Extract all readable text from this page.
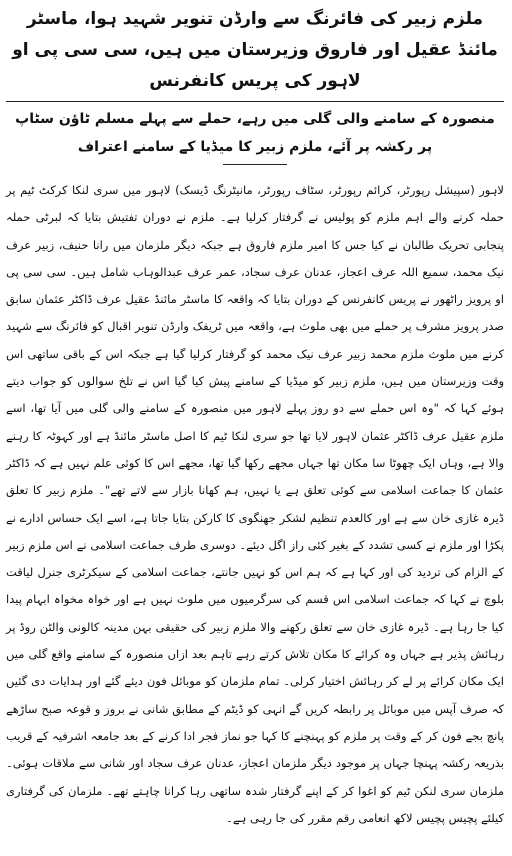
ملزم زبیر کی فائرنگ سے وارڈن تنویر شہید ہوا، ماسٹر مائنڈ عقیل اور فاروق وزیرستان میں ہیں، سی سی پی او لاہور کی پریس کانفرنس
منصورہ کے سامنے والی گلی میں رہے، حملے سے پہلے مسلم ٹاؤن سٹاپ پر رکشہ پر آئے، ملزم زبیر کا میڈیا کے سامنے اعتراف

لاہور (سپیشل رپورٹر، کرائم رپورٹر، سٹاف رپورٹر، مانیٹرنگ ڈیسک) لاہور میں سری لنکا کرکٹ ٹیم پر حملہ کرنے والے اہم ملزم کو پولیس نے گرفتار کرلیا ہے۔ ملزم نے دوران تفتیش بتایا کہ لبرٹی حملہ پنجابی تحریک طالبان نے کیا جس کا امیر ملزم فاروق ہے جبکہ دیگر ملزمان میں رانا حنیف، زبیر عرف نیک محمد، سمیع اللہ عرف اعجاز، عدنان عرف سجاد، عمر عرف عبدالوہاب شامل ہیں۔ سی سی پی او پرویز راٹھور نے پریس کانفرنس کے دوران بتایا کہ واقعہ کا ماسٹر مائنڈ عقیل عرف ڈاکٹر عثمان سابق صدر پرویز مشرف پر حملے میں بھی ملوث ہے، واقعہ میں ٹریفک وارڈن تنویر اقبال کو فائرنگ سے شہید کرنے میں ملوث ملزم محمد زبیر عرف نیک محمد کو گرفتار کرلیا گیا ہے جبکہ اس کے باقی ساتھی اس وقت وزیرستان میں ہیں، ملزم زبیر کو میڈیا کے سامنے پیش کیا گیا اس نے تلخ سوالوں کو جواب دیتے ہوئے کہا کہ "وہ اس حملے سے دو روز پہلے لاہور میں منصورہ کے سامنے والی گلی میں آیا تھا، اسے ملزم عقیل عرف ڈاکٹر عثمان لاہور لایا تھا جو سری لنکا ٹیم کا اصل ماسٹر مائنڈ ہے اور کہوٹہ کا رہنے والا ہے، وہاں ایک چھوٹا سا مکان تھا جہاں مجھے رکھا گیا تھا، مجھے اس کا کوئی علم نہیں ہے کہ ڈاکٹر عثمان کا جماعت اسلامی سے کوئی تعلق ہے یا نہیں، ہم کھانا بازار سے لاتے تھے"۔ ملزم زبیر کا تعلق ڈیرہ غازی خان سے ہے اور کالعدم تنظیم لشکر جھنگوی کا کارکن بتایا جاتا ہے، اسے ایک حساس ادارے نے پکڑا اور ملزم نے کسی تشدد کے بغیر کئی راز اگل دیئے۔ دوسری طرف جماعت اسلامی نے اس ملزم زبیر کے الزام کی تردید کی اور کہا ہے کہ ہم اس کو نہیں جانتے، جماعت اسلامی کے سیکرٹری جنرل لیاقت بلوچ نے کہا کہ جماعت اسلامی اس قسم کی سرگرمیوں میں ملوث نہیں ہے اور خواہ مخواہ ابہام پیدا کیا جا رہا ہے۔ ڈیرہ غازی خان سے تعلق رکھنے والا ملزم زبیر کی حقیقی بہن مدینہ کالونی والٹن روڈ پر رہائش پذیر ہے جہاں وہ کرائے کا مکان تلاش کرتے رہے تاہم بعد ازاں منصورہ کے سامنے واقع گلی میں ایک مکان کرائے پر لے کر رہائش اختیار کرلی۔ تمام ملزمان کو موبائل فون دیئے گئے اور ہدایات دی گئیں کہ صرف آپس میں موبائل پر رابطہ کریں گے انہی کو ڈیٹم کے مطابق شانی نے بروز و قوعہ صبح ساڑھے پانچ بجے فون کر کے وقت پر ملزم کو پہنچنے کا کہا جو نماز فجر ادا کرنے کے بعد جامعہ اشرفیہ کے قریب بذریعہ رکشہ پہنچا جہاں پر موجود دیگر ملزمان اعجاز، عدنان عرف سجاد اور شانی سے ملاقات ہوئی۔ ملزمان سری لنکن ٹیم کو اغوا کر کے اپنے گرفتار شدہ ساتھی رہا کرانا چاہتے تھے۔ ملزمان کی گرفتاری کیلئے پچیس پچیس لاکھ انعامی رقم مقرر کی جا رہی ہے۔
